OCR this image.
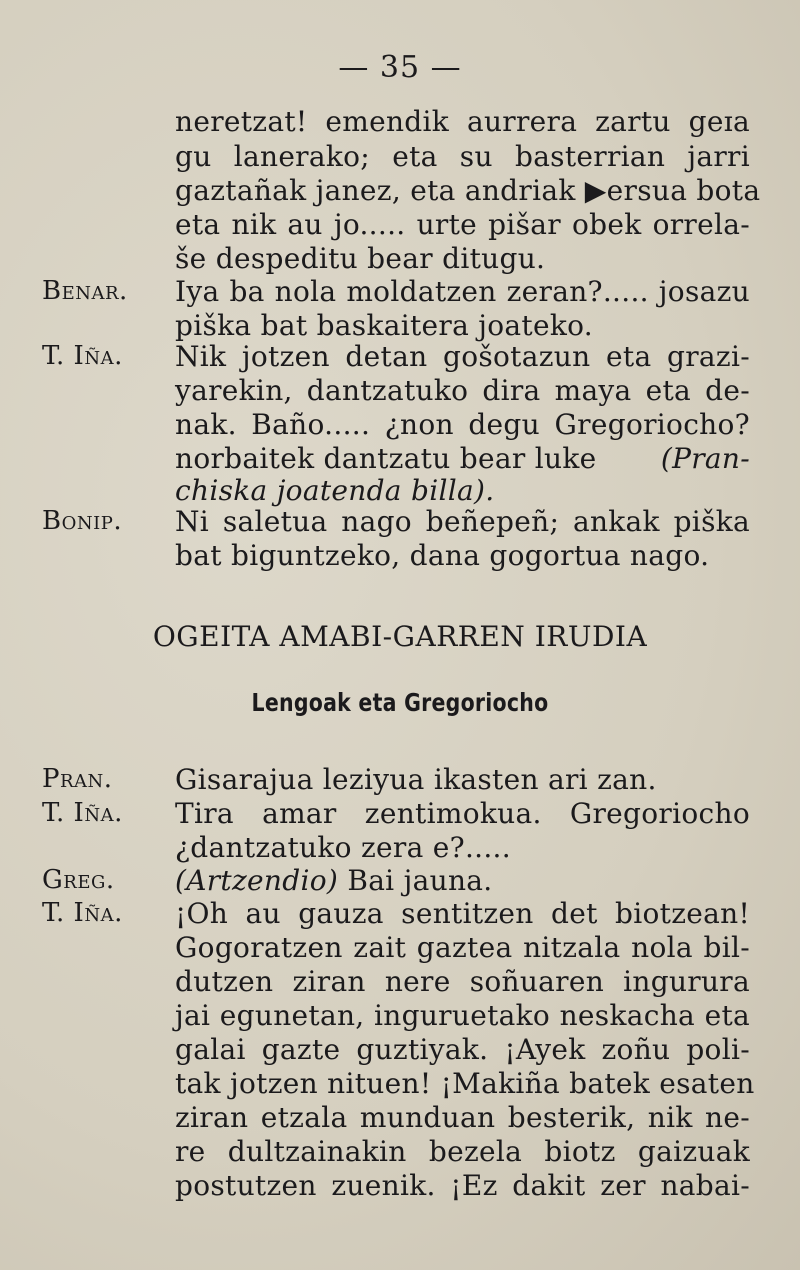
— 35 —
neretzat! emendik aurrera zartu geɪa
gu lanerako; eta su basterrian jarri
gaztañak janez, eta andriak ▶ersua bota
eta nik au jo..... urte pišar obek orrela-
še despeditu bear ditugu.
Benar. Iya ba nola moldatzen zeran?..... josazu
piška bat baskaitera joateko.
T. Iña. Nik jotzen detan gošotazun eta grazi-
yarekin, dantzatuko dira maya eta de-
nak. Baño..... ¿non degu Gregoriocho?
norbaitek dantzatu bear luke (Pran-
chiska joatenda billa).
Bonip. Ni saletua nago beñepeñ; ankak piška
bat biguntzeko, dana gogortua nago.
OGEITA AMABI-GARREN IRUDIA
Lengoak eta Gregoriocho
Pran. Gisarajua leziyua ikasten ari zan.
T. Iña. Tira amar zentimokua. Gregoriocho
¿dantzatuko zera e?.....
Greg. (Artzendio) Bai jauna.
T. Iña. ¡Oh au gauza sentitzen det biotzean!
Gogoratzen zait gaztea nitzala nola bil-
dutzen ziran nere soñuaren ingurura
jai egunetan, inguruetako neskacha eta
galai gazte guztiyak. ¡Ayek zoñu poli-
tak jotzen nituen! ¡Makiña batek esaten
ziran etzala munduan besterik, nik ne-
re dultzainakin bezela biotz gaizuak
postutzen zuenik. ¡Ez dakit zer nabai-
